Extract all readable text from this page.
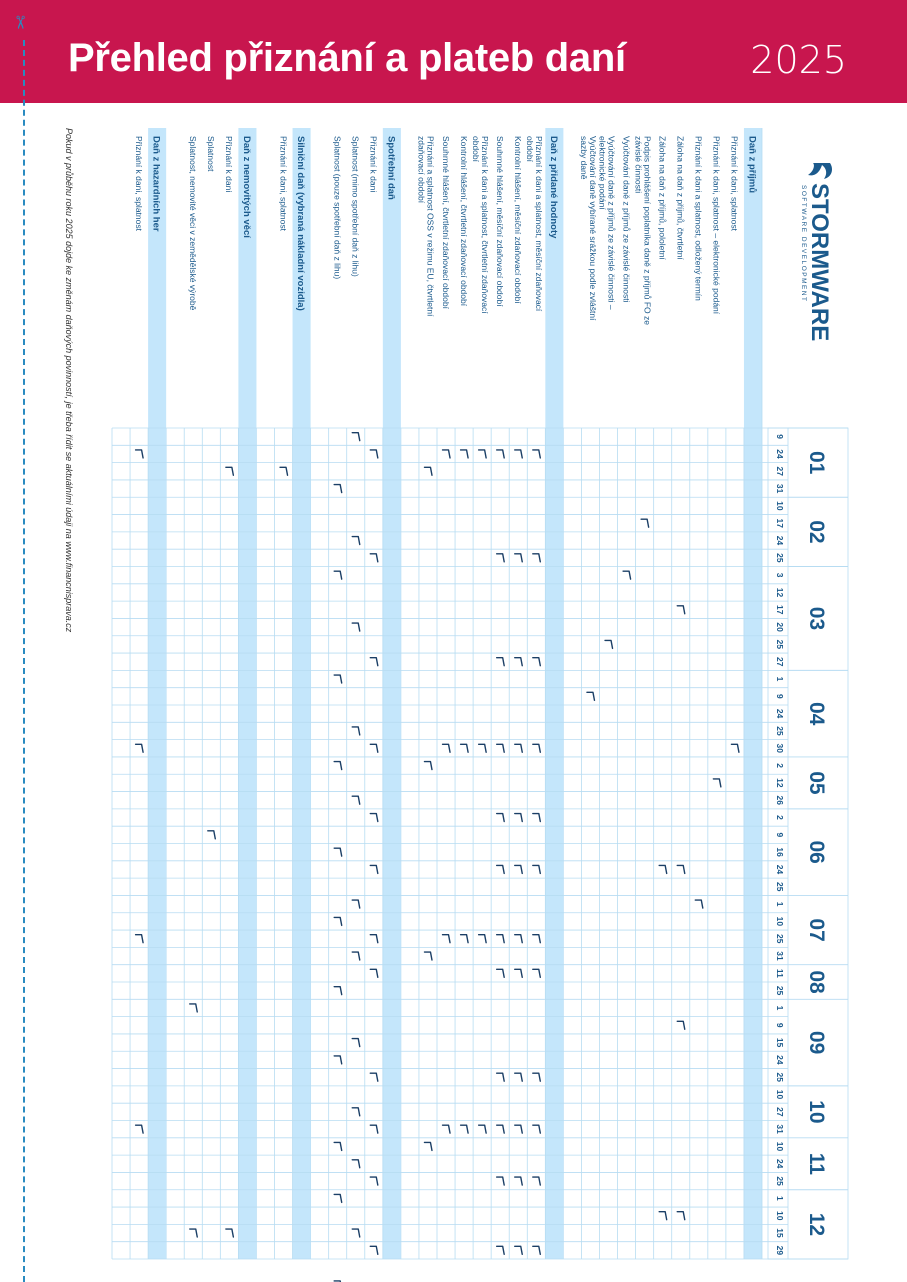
Přehled přiznání a plateb daní	2025
✂
Pokud v průběhu roku 2025 dojde ke změnám daňových povinností, je třeba řídit se aktuálními údaji na www.financnisprava.cz	STORMWARE
SOFTWARE DEVELOPMENT
Daň z příjmů
Přiznání k dani, splatnost
Přiznání k dani, splatnost – elektronické podání
Přiznání k dani a splatnost, odložený termín
Záloha na daň z příjmů, čtvrtletní
Záloha na daň z příjmů, pololetní
Podpis prohlášení poplatníka daně z příjmů FO zezávislé činnosti
Vyúčtování daně z příjmů ze závislé činnosti
Vyúčtování daně z příjmů ze závislé činnosti –elektronické podání
Vyúčtování daně vybírané srážkou podle zvláštnísazby daně
Daň z přidané hodnoty
Přiznání k dani a splatnost, měsíční zdaňovacíobdobí
Kontrolní hlášení, měsíční zdaňovací období
Souhrnné hlášení, měsíční zdaňovací období
Přiznání k dani a splatnost, čtvrtletní zdaňovacíobdobí
Kontrolní hlášení, čtvrtletní zdaňovací období
Souhrnné hlášení, čtvrtletní zdaňovací období
Přiznání a splatnost OSS v režimu EU, čtvrtletnízdaňovací období
Spotřební daň
Přiznání k dani
Splatnost (mimo spotřební daň z lihu)
Splatnost (pouze spotřební daň z lihu)
Silniční daň (vybraná nákladní vozidla)
Přiznání k dani, splatnost
Daň z nemovitých věcí
Přiznání k dani
Splatnost
Splatnost, nemovité věci v zemědělské výrobě
Daň z hazardních her
Přiznání k dani, splatnost
9
24
27
31
10
17
24
25
3
12
17
20
25
27
1
9
24
25
30
2
12
26
2
9
16
24
25
1
10
25
31
11
25
1
9
15
24
25
10
27
31
10
24
25
1
10
15
29
01
02
03
04
05
06
07
08
09
10
11
12
